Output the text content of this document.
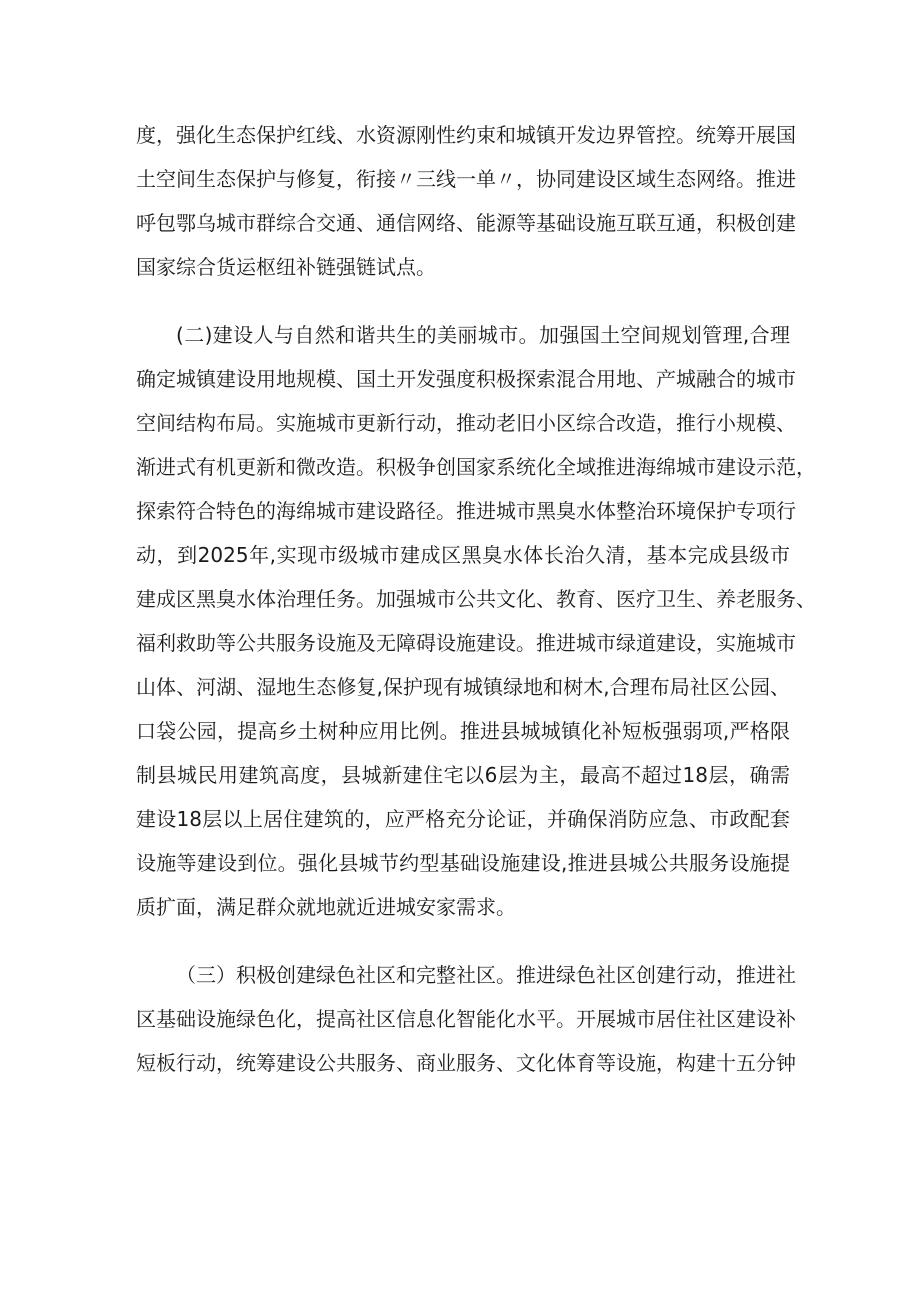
度，强化生态保护红线、水资源刚性约束和城镇开发边界管控。统筹开展国
土空间生态保护与修复，衔接〃三线一单〃，协同建设区域生态网络。推进
呼包鄂乌城市群综合交通、通信网络、能源等基础设施互联互通，积极创建
国家综合货运枢纽补链强链试点。
(二)建设人与自然和谐共生的美丽城市。加强国土空间规划管理,合理
确定城镇建设用地规模、国土开发强度积极探索混合用地、产城融合的城市
空间结构布局。实施城市更新行动，推动老旧小区综合改造，推行小规模、
渐进式有机更新和微改造。积极争创国家系统化全域推进海绵城市建设示范，
探索符合特色的海绵城市建设路径。推进城市黑臭水体整治环境保护专项行
动，到2025年,实现市级城市建成区黑臭水体长治久清，基本完成县级市
建成区黑臭水体治理任务。加强城市公共文化、教育、医疗卫生、养老服务、
福利救助等公共服务设施及无障碍设施建设。推进城市绿道建设，实施城市
山体、河湖、湿地生态修复,保护现有城镇绿地和树木,合理布局社区公园、
口袋公园，提高乡土树种应用比例。推进县城城镇化补短板强弱项,严格限
制县城民用建筑高度，县城新建住宅以6层为主，最高不超过18层，确需
建设18层以上居住建筑的，应严格充分论证，并确保消防应急、市政配套
设施等建设到位。强化县城节约型基础设施建设,推进县城公共服务设施提
质扩面，满足群众就地就近进城安家需求。
（三）积极创建绿色社区和完整社区。推进绿色社区创建行动，推进社
区基础设施绿色化，提高社区信息化智能化水平。开展城市居住社区建设补
短板行动，统筹建设公共服务、商业服务、文化体育等设施，构建十五分钟
